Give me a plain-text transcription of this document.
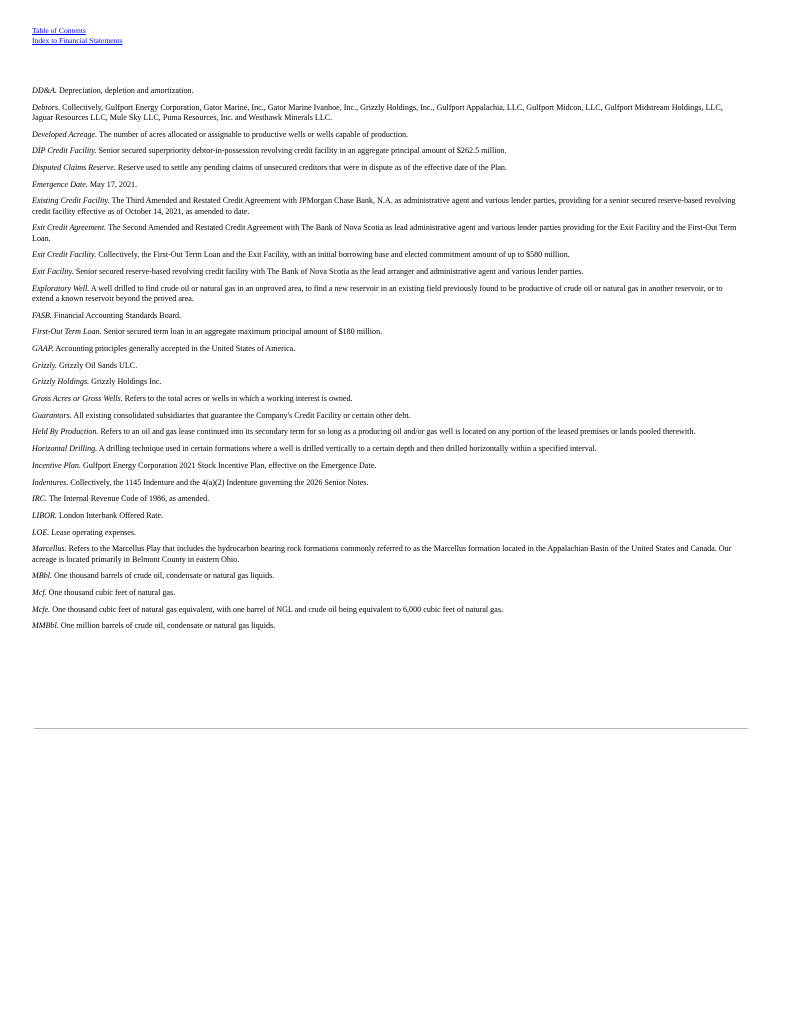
Table of Contents
Index to Financial Statements

DD&A. Depreciation, depletion and amortization.

Debtors. Collectively, Gulfport Energy Corporation, Gator Marine, Inc., Gator Marine Ivanhoe, Inc., Grizzly Holdings, Inc., Gulfport Appalachia, LLC, Gulfport Midcon, LLC, Gulfport Midstream Holdings, LLC, Jaguar Resources LLC, Mule Sky LLC, Puma Resources, Inc. and Westhawk Minerals LLC.

Developed Acreage. The number of acres allocated or assignable to productive wells or wells capable of production.

DIP Credit Facility. Senior secured superpriority debtor-in-possession revolving credit facility in an aggregate principal amount of $262.5 million.

Disputed Claims Reserve. Reserve used to settle any pending claims of unsecured creditors that were in dispute as of the effective date of the Plan.

Emergence Date. May 17, 2021.

Existing Credit Facility. The Third Amended and Restated Credit Agreement with JPMorgan Chase Bank, N.A. as administrative agent and various lender parties, providing for a senior secured reserve-based revolving credit facility effective as of October 14, 2021, as amended to date.

Exit Credit Agreement. The Second Amended and Restated Credit Agreement with The Bank of Nova Scotia as lead administrative agent and various lender parties providing for the Exit Facility and the First-Out Term Loan.

Exit Credit Facility. Collectively, the First-Out Term Loan and the Exit Facility, with an initial borrowing base and elected commitment amount of up to $580 million.

Exit Facility. Senior secured reserve-based revolving credit facility with The Bank of Nova Scotia as the lead arranger and administrative agent and various lender parties.

Exploratory Well. A well drilled to find crude oil or natural gas in an unproved area, to find a new reservoir in an existing field previously found to be productive of crude oil or natural gas in another reservoir, or to extend a known reservoir beyond the proved area.

FASB. Financial Accounting Standards Board.

First-Out Term Loan. Senior secured term loan in an aggregate maximum principal amount of $180 million.

GAAP. Accounting principles generally accepted in the United States of America.

Grizzly. Grizzly Oil Sands ULC.

Grizzly Holdings. Grizzly Holdings Inc.

Gross Acres or Gross Wells. Refers to the total acres or wells in which a working interest is owned.

Guarantors. All existing consolidated subsidiaries that guarantee the Company's Credit Facility or certain other debt.

Held By Production. Refers to an oil and gas lease continued into its secondary term for so long as a producing oil and/or gas well is located on any portion of the leased premises or lands pooled therewith.

Horizontal Drilling. A drilling technique used in certain formations where a well is drilled vertically to a certain depth and then drilled horizontally within a specified interval.

Incentive Plan. Gulfport Energy Corporation 2021 Stock Incentive Plan, effective on the Emergence Date.

Indentures. Collectively, the 1145 Indenture and the 4(a)(2) Indenture governing the 2026 Senior Notes.

IRC. The Internal Revenue Code of 1986, as amended.

LIBOR. London Interbank Offered Rate.

LOE. Lease operating expenses.

Marcellus. Refers to the Marcellus Play that includes the hydrocarbon bearing rock formations commonly referred to as the Marcellus formation located in the Appalachian Basin of the United States and Canada. Our acreage is located primarily in Belmont County in eastern Ohio.

MBbl. One thousand barrels of crude oil, condensate or natural gas liquids.

Mcf. One thousand cubic feet of natural gas.

Mcfe. One thousand cubic feet of natural gas equivalent, with one barrel of NGL and crude oil being equivalent to 6,000 cubic feet of natural gas.

MMBbl. One million barrels of crude oil, condensate or natural gas liquids.
